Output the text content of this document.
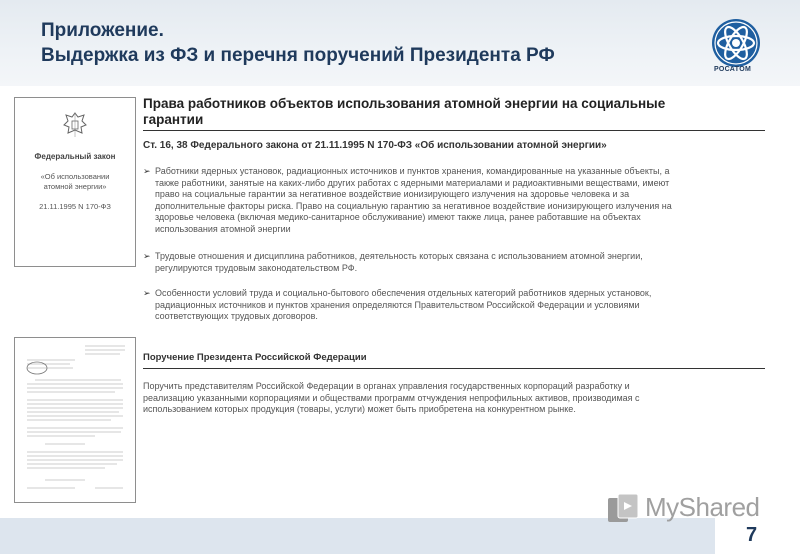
Приложение.
Выдержка из ФЗ и перечня поручений Президента РФ
РОСАТОМ
Федеральный закон
«Об использовании
атомной энергии»
21.11.1995 N 170-ФЗ
Права работников объектов использования атомной энергии на социальные
гарантии
Ст. 16, 38 Федерального закона от 21.11.1995 N 170-ФЗ «Об использовании атомной энергии»
➢ Работники ядерных установок, радиационных источников и пунктов хранения, командированные на указанные объекты, а
также работники, занятые на каких-либо других работах с ядерными материалами и радиоактивными веществами, имеют
право на социальные гарантии за негативное воздействие ионизирующего излучения на здоровье человека и за
дополнительные факторы риска. Право на социальную гарантию за негативное воздействие ионизирующего излучения на
здоровье человека (включая медико-санитарное обслуживание) имеют также лица, ранее работавшие на объектах
использования атомной энергии
➢ Трудовые отношения и дисциплина работников, деятельность которых связана с использованием атомной энергии,
регулируются трудовым законодательством РФ.
➢ Особенности условий труда и социально-бытового обеспечения отдельных категорий работников ядерных установок,
радиационных источников и пунктов хранения определяются Правительством Российской Федерации и условиями
соответствующих трудовых договоров.
Поручение Президента Российской Федерации
Поручить представителям Российской Федерации в органах управления государственных корпораций разработку и
реализацию указанными корпорациями и обществами программ отчуждения непрофильных активов, производимая с
использованием которых продукция (товары, услуги) может быть приобретена на конкурентном рынке.
7
MyShared
